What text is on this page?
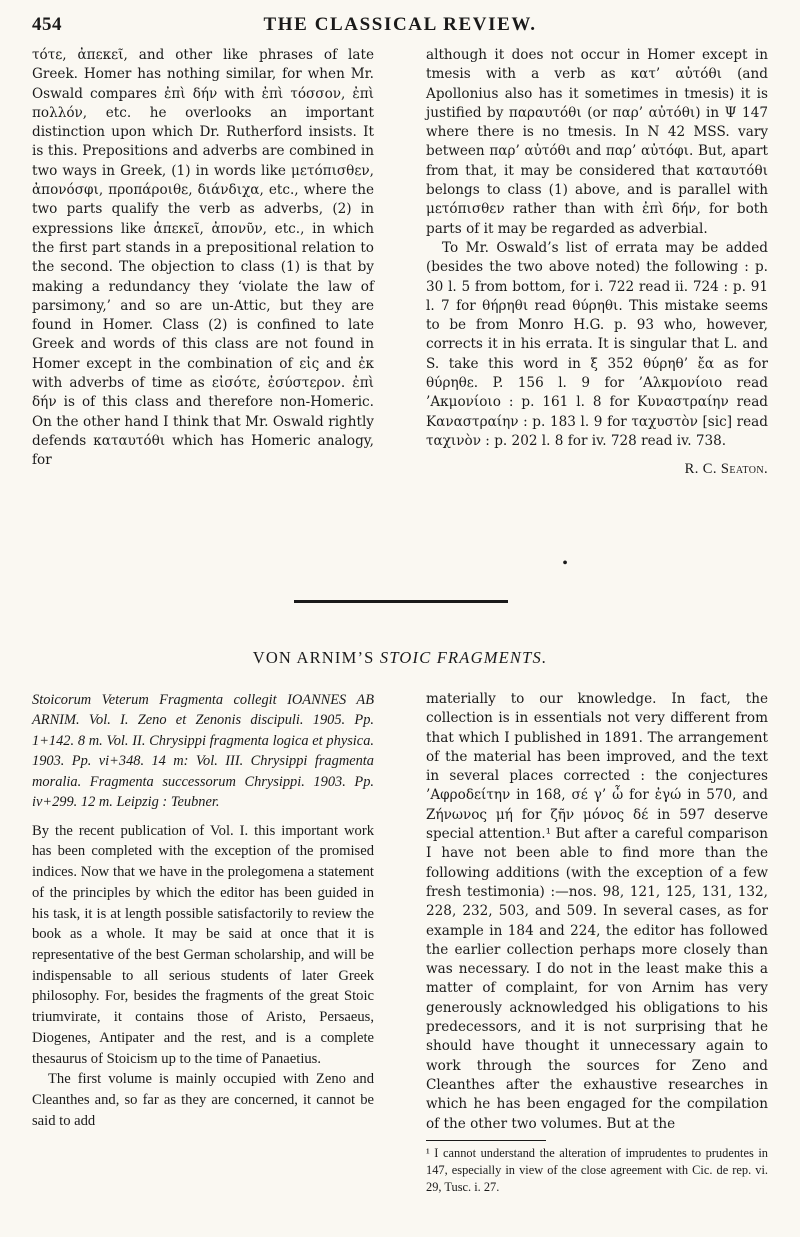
454	THE CLASSICAL REVIEW.

τότε, ἀπεκεῖ, and other like phrases of late Greek. Homer has nothing similar, for when Mr. Oswald compares ἐπὶ δήν with ἐπὶ τόσσον, ἐπὶ πολλόν, etc. he overlooks an important distinction upon which Dr. Rutherford insists. It is this. Prepositions and adverbs are combined in two ways in Greek, (1) in words like μετόπισθεν, ἀπονόσφι, προπάροιθε, διάνδιχα, etc., where the two parts qualify the verb as adverbs, (2) in expressions like ἀπεκεῖ, ἀπονῦν, etc., in which the first part stands in a prepositional relation to the second. The objection to class (1) is that by making a redundancy they ‘violate the law of parsimony,’ and so are un-Attic, but they are found in Homer. Class (2) is confined to late Greek and words of this class are not found in Homer except in the combination of εἰς and ἐκ with adverbs of time as εἰσότε, ἐσύστερον. ἐπὶ δήν is of this class and therefore non-Homeric. On the other hand I think that Mr. Oswald rightly defends καταυτόθι which has Homeric analogy, for

although it does not occur in Homer except in tmesis with a verb as κατ’ αὐτόθι (and Apollonius also has it sometimes in tmesis) it is justified by παραυτόθι (or παρ’ αὐτόθι) in Ψ 147 where there is no tmesis. In N 42 MSS. vary between παρ’ αὐτόθι and παρ’ αὐτόφι. But, apart from that, it may be considered that καταυτόθι belongs to class (1) above, and is parallel with μετόπισθεν rather than with ἐπὶ δήν, for both parts of it may be regarded as adverbial.

To Mr. Oswald’s list of errata may be added (besides the two above noted) the following : p. 30 l. 5 from bottom, for i. 722 read ii. 724 : p. 91 l. 7 for θήρηθι read θύρηθι. This mistake seems to be from Monro H.G. p. 93 who, however, corrects it in his errata. It is singular that L. and S. take this word in ξ 352 θύρηθ’ ἔα as for θύρηθε. P. 156 l. 9 for ’Αλκμονίοιο read ’Ακμονίοιο : p. 161 l. 8 for Κυναστραίην read Καναστραίην : p. 183 l. 9 for ταχυστὸν [sic] read ταχινὸν : p. 202 l. 8 for iv. 728 read iv. 738.

R. C. Seaton.
•
VON ARNIM’S STOIC FRAGMENTS.

Stoicorum Veterum Fragmenta collegit IOANNES AB ARNIM. Vol. I. Zeno et Zenonis discipuli. 1905. Pp. 1+142. 8 m. Vol. II. Chrysippi fragmenta logica et physica. 1903. Pp. vi+348. 14 m: Vol. III. Chrysippi fragmenta moralia. Fragmenta successorum Chrysippi. 1903. Pp. iv+299. 12 m. Leipzig : Teubner.

By the recent publication of Vol. I. this important work has been completed with the exception of the promised indices. Now that we have in the prolegomena a statement of the principles by which the editor has been guided in his task, it is at length possible satisfactorily to review the book as a whole. It may be said at once that it is representative of the best German scholarship, and will be indispensable to all serious students of later Greek philosophy. For, besides the fragments of the great Stoic triumvirate, it contains those of Aristo, Persaeus, Diogenes, Antipater and the rest, and is a complete thesaurus of Stoicism up to the time of Panaetius.

The first volume is mainly occupied with Zeno and Cleanthes and, so far as they are concerned, it cannot be said to add

materially to our knowledge. In fact, the collection is in essentials not very different from that which I published in 1891. The arrangement of the material has been improved, and the text in several places corrected : the conjectures ’Αφροδείτην in 168, σέ γ’ ὦ for ἐγώ in 570, and Ζήνωνος μή for ζῆν μόνος δέ in 597 deserve special attention.¹ But after a careful comparison I have not been able to find more than the following additions (with the exception of a few fresh testimonia) :—nos. 98, 121, 125, 131, 132, 228, 232, 503, and 509. In several cases, as for example in 184 and 224, the editor has followed the earlier collection perhaps more closely than was necessary. I do not in the least make this a matter of complaint, for von Arnim has very generously acknowledged his obligations to his predecessors, and it is not surprising that he should have thought it unnecessary again to work through the sources for Zeno and Cleanthes after the exhaustive researches in which he has been engaged for the compilation of the other two volumes. But at the

¹ I cannot understand the alteration of imprudentes to prudentes in 147, especially in view of the close agreement with Cic. de rep. vi. 29, Tusc. i. 27.
